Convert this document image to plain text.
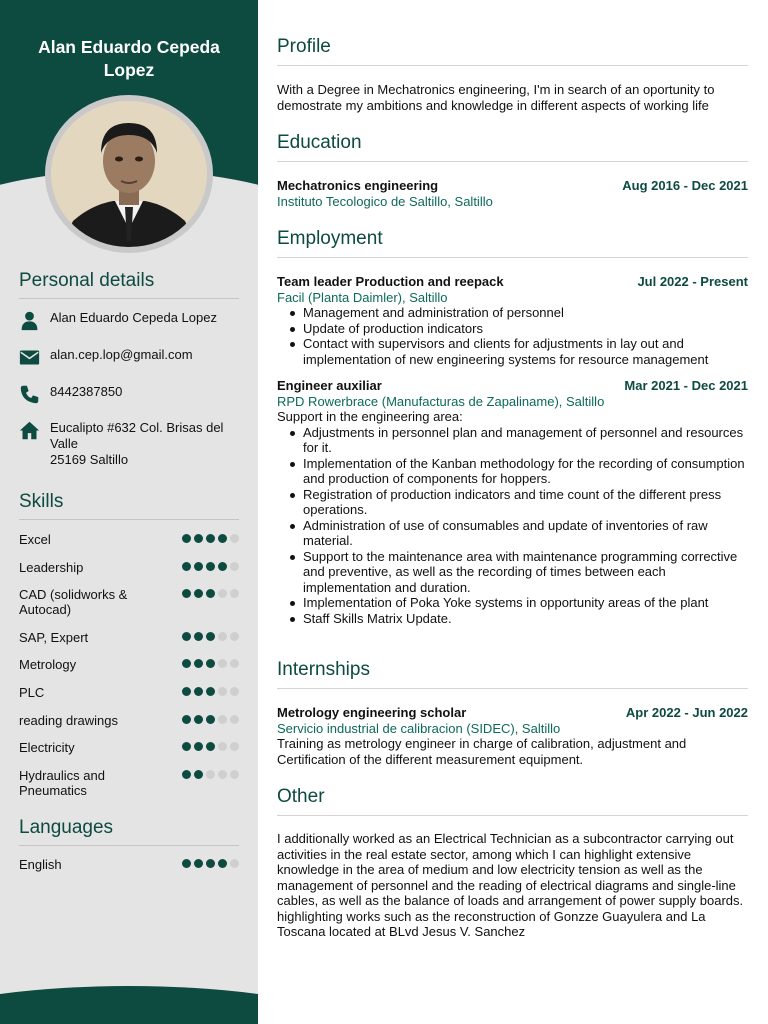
Alan Eduardo Cepeda Lopez
Personal details
Alan Eduardo Cepeda Lopez
alan.cep.lop@gmail.com
8442387850
Eucalipto #632 Col. Brisas del Valle
25169 Saltillo
Skills
Excel
Leadership
CAD (solidworks & Autocad)
SAP, Expert
Metrology
PLC
reading drawings
Electricity
Hydraulics and Pneumatics
Languages
English
Profile
With a Degree in Mechatronics engineering, I'm in search of an oportunity to demostrate my ambitions and knowledge in different aspects of working life
Education
Mechatronics engineering	Aug 2016 - Dec 2021
Instituto Tecologico de Saltillo, Saltillo
Employment
Team leader Production and reepack	Jul 2022 - Present
Facil (Planta Daimler), Saltillo
Management and administration of personnel
Update of production indicators
Contact with supervisors and clients for adjustments in lay out and implementation of new engineering systems for resource management
Engineer auxiliar	Mar 2021 - Dec 2021
RPD Rowerbrace (Manufacturas de Zapaliname), Saltillo
Support in the engineering area:
Adjustments in personnel plan and management of personnel and resources for it.
Implementation of the Kanban methodology for the recording of consumption and production of components for hoppers.
Registration of production indicators and time count of the different press operations.
Administration of use of consumables and update of inventories of raw material.
Support to the maintenance area with maintenance programming corrective and preventive, as well as the recording of times between each implementation and duration.
Implementation of Poka Yoke systems in opportunity areas of the plant
Staff Skills Matrix Update.
Internships
Metrology engineering scholar	Apr 2022 - Jun 2022
Servicio industrial de calibracion (SIDEC), Saltillo
Training as metrology engineer in charge of calibration, adjustment and Certification of the different measurement equipment.
Other
I additionally worked as an Electrical Technician as a subcontractor carrying out activities in the real estate sector, among which I can highlight extensive knowledge in the area of medium and low electricity tension as well as the management of personnel and the reading of electrical diagrams and single-line cables, as well as the balance of loads and arrangement of power supply boards. highlighting works such as the reconstruction of Gonzze Guayulera and La Toscana located at BLvd Jesus V. Sanchez
